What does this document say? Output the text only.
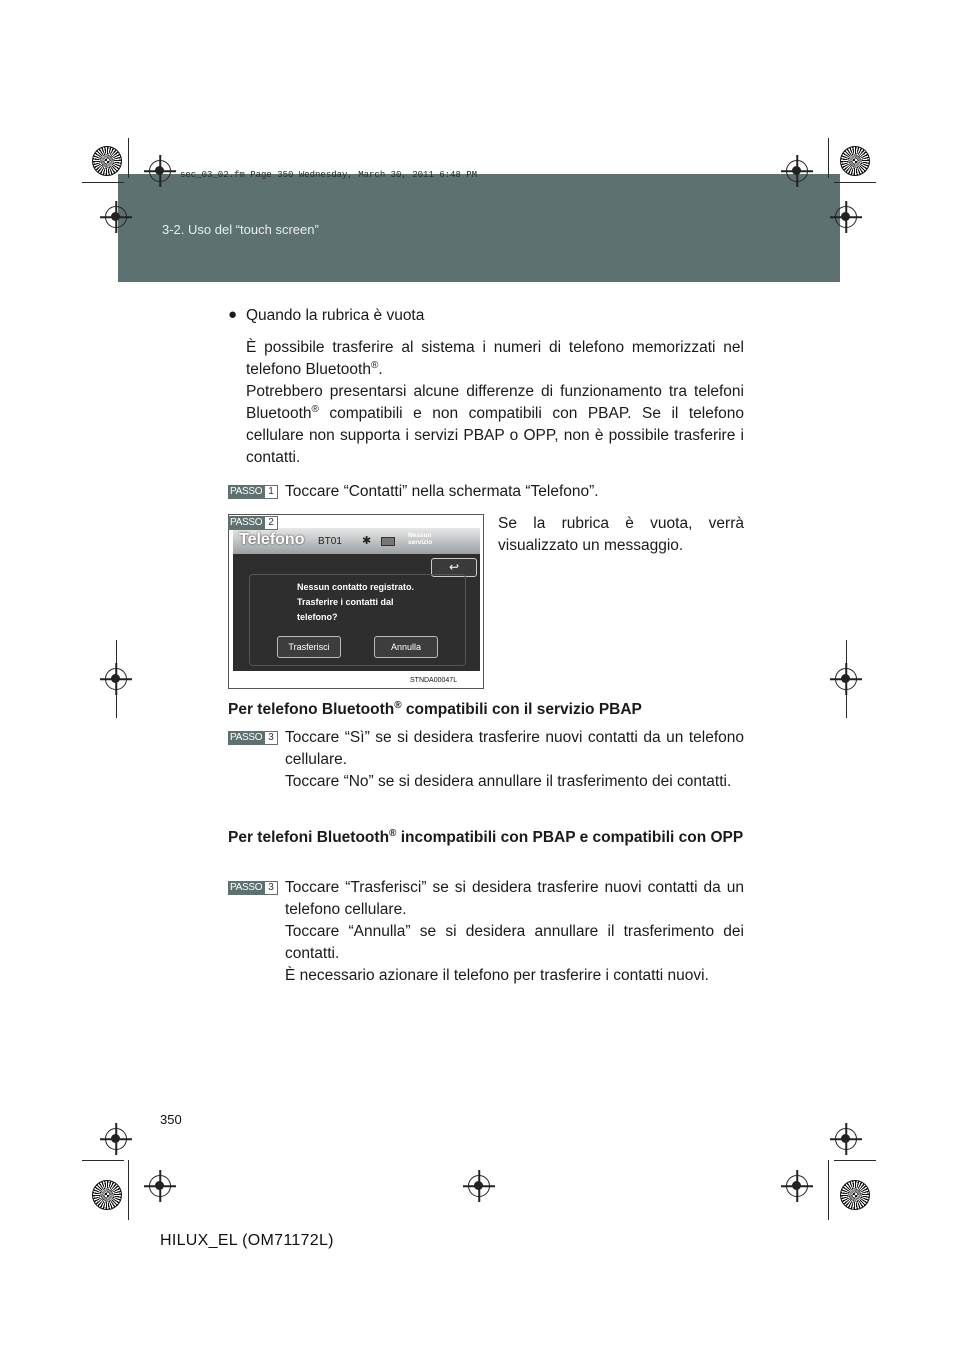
3-2. Uso del “touch screen”
sec_03_02.fm Page 350 Wednesday, March 30, 2011 6:48 PM
● Quando la rubrica è vuota
È possibile trasferire al sistema i numeri di telefono memorizzati nel telefono Bluetooth®.
Potrebbero presentarsi alcune differenze di funzionamento tra telefoni Bluetooth® compatibili e non compatibili con PBAP. Se il telefono cellulare non supporta i servizi PBAP o OPP, non è possibile trasferire i contatti.
PASSO 1 Toccare “Contatti” nella schermata “Telefono”.
PASSO 2	Se la rubrica è vuota, verrà visualizzato un messaggio.
Telefono BT01 ✱	Nessun
servizio
↩
Nessun contatto registrato.
Trasferire i contatti dal
telefono?
Trasferisci	Annulla
STNDA00047L
Per telefono Bluetooth® compatibili con il servizio PBAP
PASSO 3 Toccare “Sì” se si desidera trasferire nuovi contatti da un telefono cellulare.
Toccare “No” se si desidera annullare il trasferimento dei contatti.
Per telefoni Bluetooth® incompatibili con PBAP e compatibili con OPP
PASSO 3 Toccare “Trasferisci” se si desidera trasferire nuovi contatti da un telefono cellulare.
Toccare “Annulla” se si desidera annullare il trasferimento dei contatti.
È necessario azionare il telefono per trasferire i contatti nuovi.
350
HILUX_EL (OM71172L)
